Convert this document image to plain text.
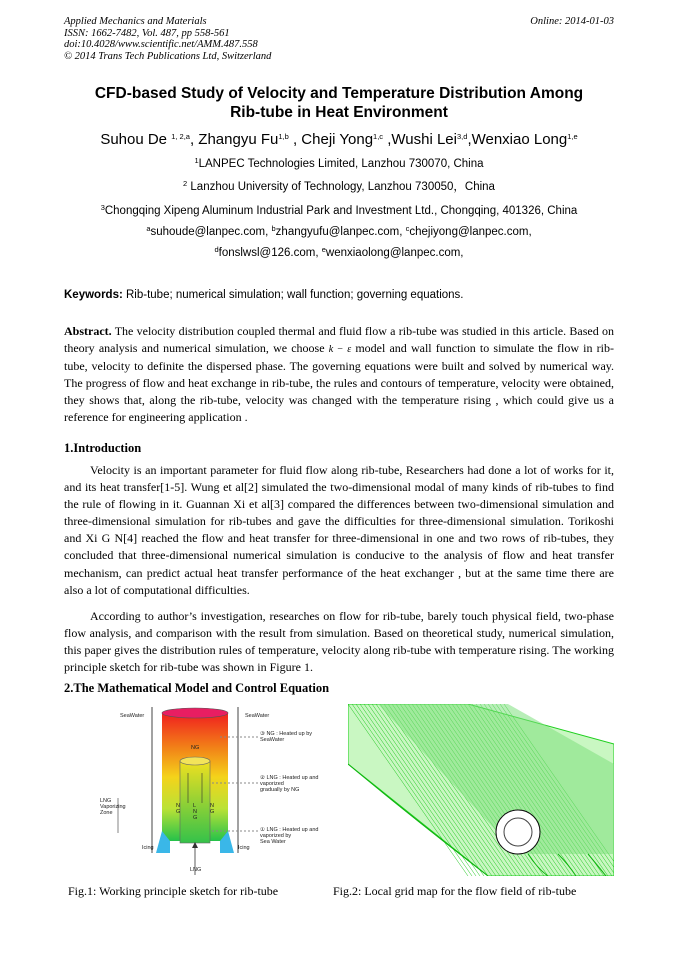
Applied Mechanics and Materials
ISSN: 1662-7482, Vol. 487, pp 558-561
doi:10.4028/www.scientific.net/AMM.487.558
© 2014 Trans Tech Publications Ltd, Switzerland
Online: 2014-01-03
CFD-based Study of Velocity and Temperature Distribution Among
Rib-tube in Heat Environment
Suhou De $^{1, 2,a}$, Zhangyu Fu$^{1,b}$ , Cheji Yong$^{1,c}$ ,Wushi Lei$^{3,d}$,Wenxiao Long$^{1,e}$
$^1$LANPEC Technologies Limited, Lanzhou 730070, China
$^2$ Lanzhou University of Technology, Lanzhou 730050，China
$^3$Chongqing Xipeng Aluminum Industrial Park and Investment Ltd., Chongqing, 401326, China
$^a$suhoude@lanpec.com, $^b$zhangyufu@lanpec.com, $^c$chejiyong@lanpec.com,
$^d$fonslwsl@126.com, $^e$wenxiaolong@lanpec.com,
Keywords: Rib-tube; numerical simulation; wall function; governing equations.
Abstract. The velocity distribution coupled thermal and fluid flow a rib-tube was studied in this article. Based on theory analysis and numerical simulation, we choose k − ε model and wall function to simulate the flow in rib-tube, velocity to definite the dispersed phase. The governing equations were built and solved by numerical way. The progress of flow and heat exchange in rib-tube, the rules and contours of temperature, velocity were obtained, they shows that, along the rib-tube, velocity was changed with the temperature rising , which could give us a reference for engineering application .
1.Introduction
Velocity is an important parameter for fluid flow along rib-tube, Researchers had done a lot of works for it, and its heat transfer[1-5]. Wung et al[2] simulated the two-dimensional modal of many kinds of rib-tubes to find the rule of flowing in it. Guannan Xi et al[3] compared the differences between two-dimensional simulation and three-dimensional simulation for rib-tubes and gave the difficulties for three-dimensional simulation. Torikoshi and Xi G N[4] reached the flow and heat transfer for three-dimensional in one and two rows of rib-tubes, they concluded that three-dimensional numerical simulation is conducive to the analysis of flow and heat transfer mechanism, can predict actual heat transfer performance of the heat exchanger , but at the same time there are also a lot of computational difficulties.
According to author’s investigation, researches on flow for rib-tube, barely touch physical field, two-phase flow analysis, and comparison with the result from simulation. Based on theoretical study, numerical simulation, this paper gives the distribution rules of temperature, velocity along rib-tube with temperature rising. The working principle sketch for rib-tube was shown in Figure 1.
2.The Mathematical Model and Control Equation
SeaWater	SeaWater
NG
N
G
L
N
G
N
G
LNG
Vaporizing
Zone
Icing	Icing
LNG
③ NG : Heated up by
SeaWater
② LNG : Heated up and
vaporized
gradually by NG
① LNG : Heated up and
vaporized by
Sea Water
Fig.1: Working principle sketch for rib-tube	Fig.2: Local grid map for the flow field of rib-tube
